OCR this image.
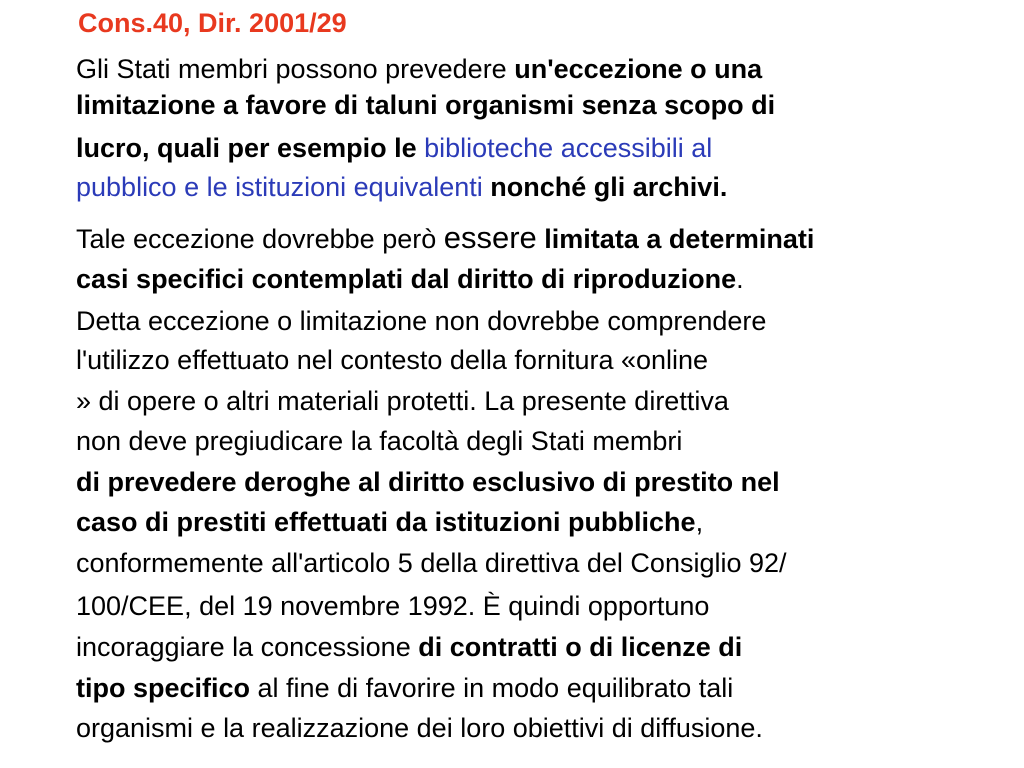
Cons.40, Dir. 2001/29
Gli Stati membri possono prevedere un'eccezione o una
limitazione a favore di taluni organismi senza scopo di
lucro, quali per esempio le biblioteche accessibili al
pubblico e le istituzioni equivalenti nonché gli archivi.
Tale eccezione dovrebbe però essere limitata a determinati
casi specifici contemplati dal diritto di riproduzione.
Detta eccezione o limitazione non dovrebbe comprendere
l'utilizzo effettuato nel contesto della fornitura «online
» di opere o altri materiali protetti. La presente direttiva
non deve pregiudicare la facoltà degli Stati membri
di prevedere deroghe al diritto esclusivo di prestito nel
caso di prestiti effettuati da istituzioni pubbliche,
conformemente all'articolo 5 della direttiva del Consiglio 92/
100/CEE, del 19 novembre 1992. È quindi opportuno
incoraggiare la concessione di contratti o di licenze di
tipo specifico al fine di favorire in modo equilibrato tali
organismi e la realizzazione dei loro obiettivi di diffusione.
